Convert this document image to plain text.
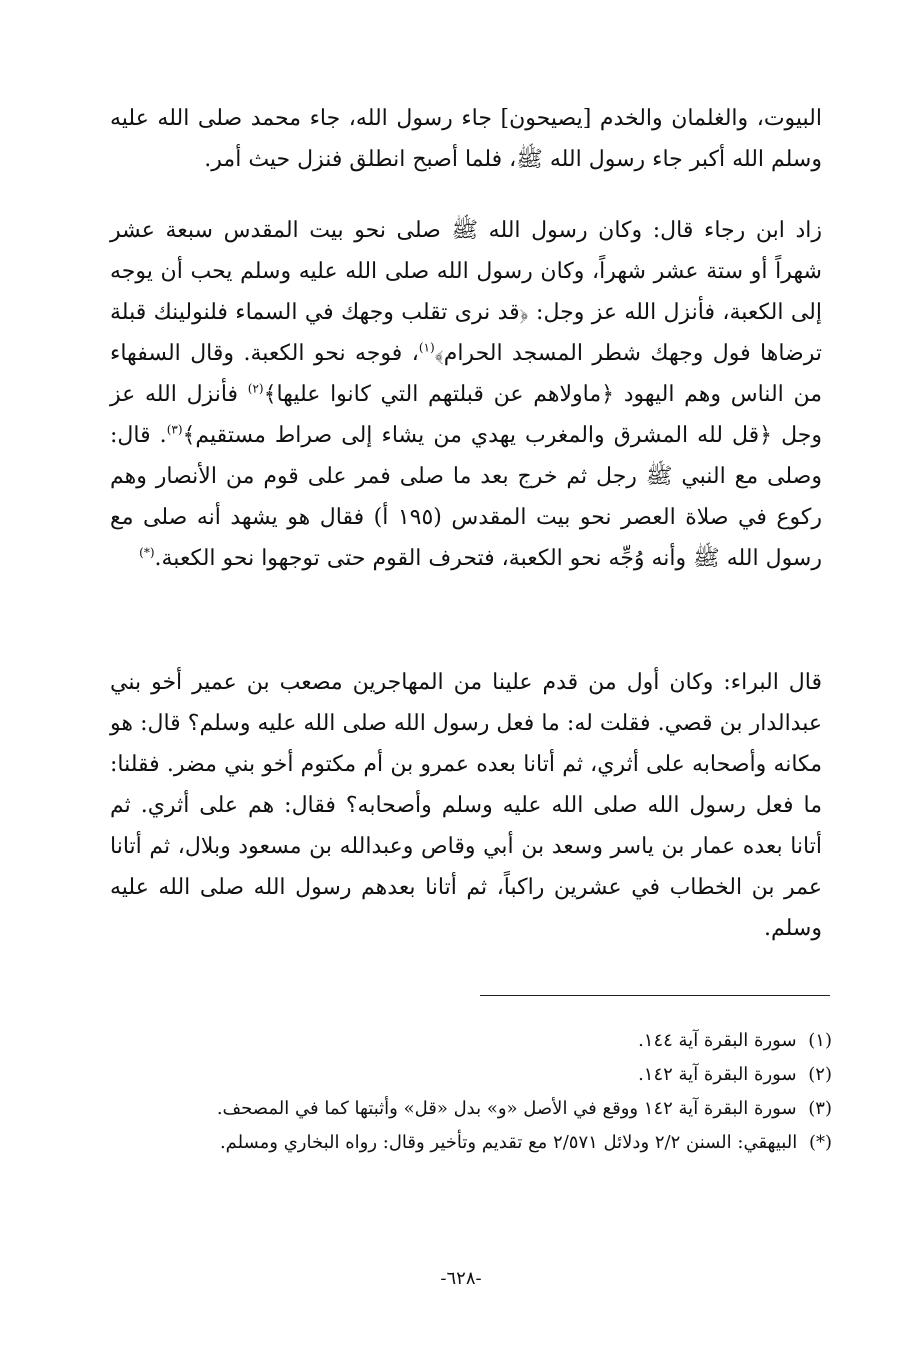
البيوت، والغلمان والخدم [يصيحون] جاء رسول الله، جاء محمد صلى الله عليه وسلم الله أكبر جاء رسول الله ﷺ، فلما أصبح انطلق فنزل حيث أمر.

زاد ابن رجاء قال: وكان رسول الله ﷺ صلى نحو بيت المقدس سبعة عشر شهراً أو ستة عشر شهراً، وكان رسول الله صلى الله عليه وسلم يحب أن يوجه إلى الكعبة، فأنزل الله عز وجل: ﴿قد نرى تقلب وجهك في السماء فلنولينك قبلة ترضاها فول وجهك شطر المسجد الحرام﴾$^{(١)}$، فوجه نحو الكعبة. وقال السفهاء من الناس وهم اليهود ﴿ماولاهم عن قبلتهم التي كانوا عليها﴾$^{(٢)}$ فأنزل الله عز وجل ﴿قل لله المشرق والمغرب يهدي من يشاء إلى صراط مستقيم﴾$^{(٣)}$. قال: وصلى مع النبي ﷺ رجل ثم خرج بعد ما صلى فمر على قوم من الأنصار وهم ركوع في صلاة العصر نحو بيت المقدس (١٩٥ أ) فقال هو يشهد أنه صلى مع رسول الله ﷺ وأنه وُجِّه نحو الكعبة، فتحرف القوم حتى توجهوا نحو الكعبة.(*)

قال البراء: وكان أول من قدم علينا من المهاجرين مصعب بن عمير أخو بني عبدالدار بن قصي. فقلت له: ما فعل رسول الله صلى الله عليه وسلم؟ قال: هو مكانه وأصحابه على أثري، ثم أتانا بعده عمرو بن أم مكتوم أخو بني مضر. فقلنا: ما فعل رسول الله صلى الله عليه وسلم وأصحابه؟ فقال: هم على أثري. ثم أتانا بعده عمار بن ياسر وسعد بن أبي وقاص وعبدالله بن مسعود وبلال، ثم أتانا عمر بن الخطاب في عشرين راكباً، ثم أتانا بعدهم رسول الله صلى الله عليه وسلم.

(١) سورة البقرة آية ١٤٤.
(٢) سورة البقرة آية ١٤٢.
(٣) سورة البقرة آية ١٤٢ ووقع في الأصل «و» بدل «قل» وأثبتها كما في المصحف.
(*) البيهقي: السنن ٢/٢ ودلائل ٢/٥٧١ مع تقديم وتأخير وقال: رواه البخاري ومسلم.
-٦٢٨-
